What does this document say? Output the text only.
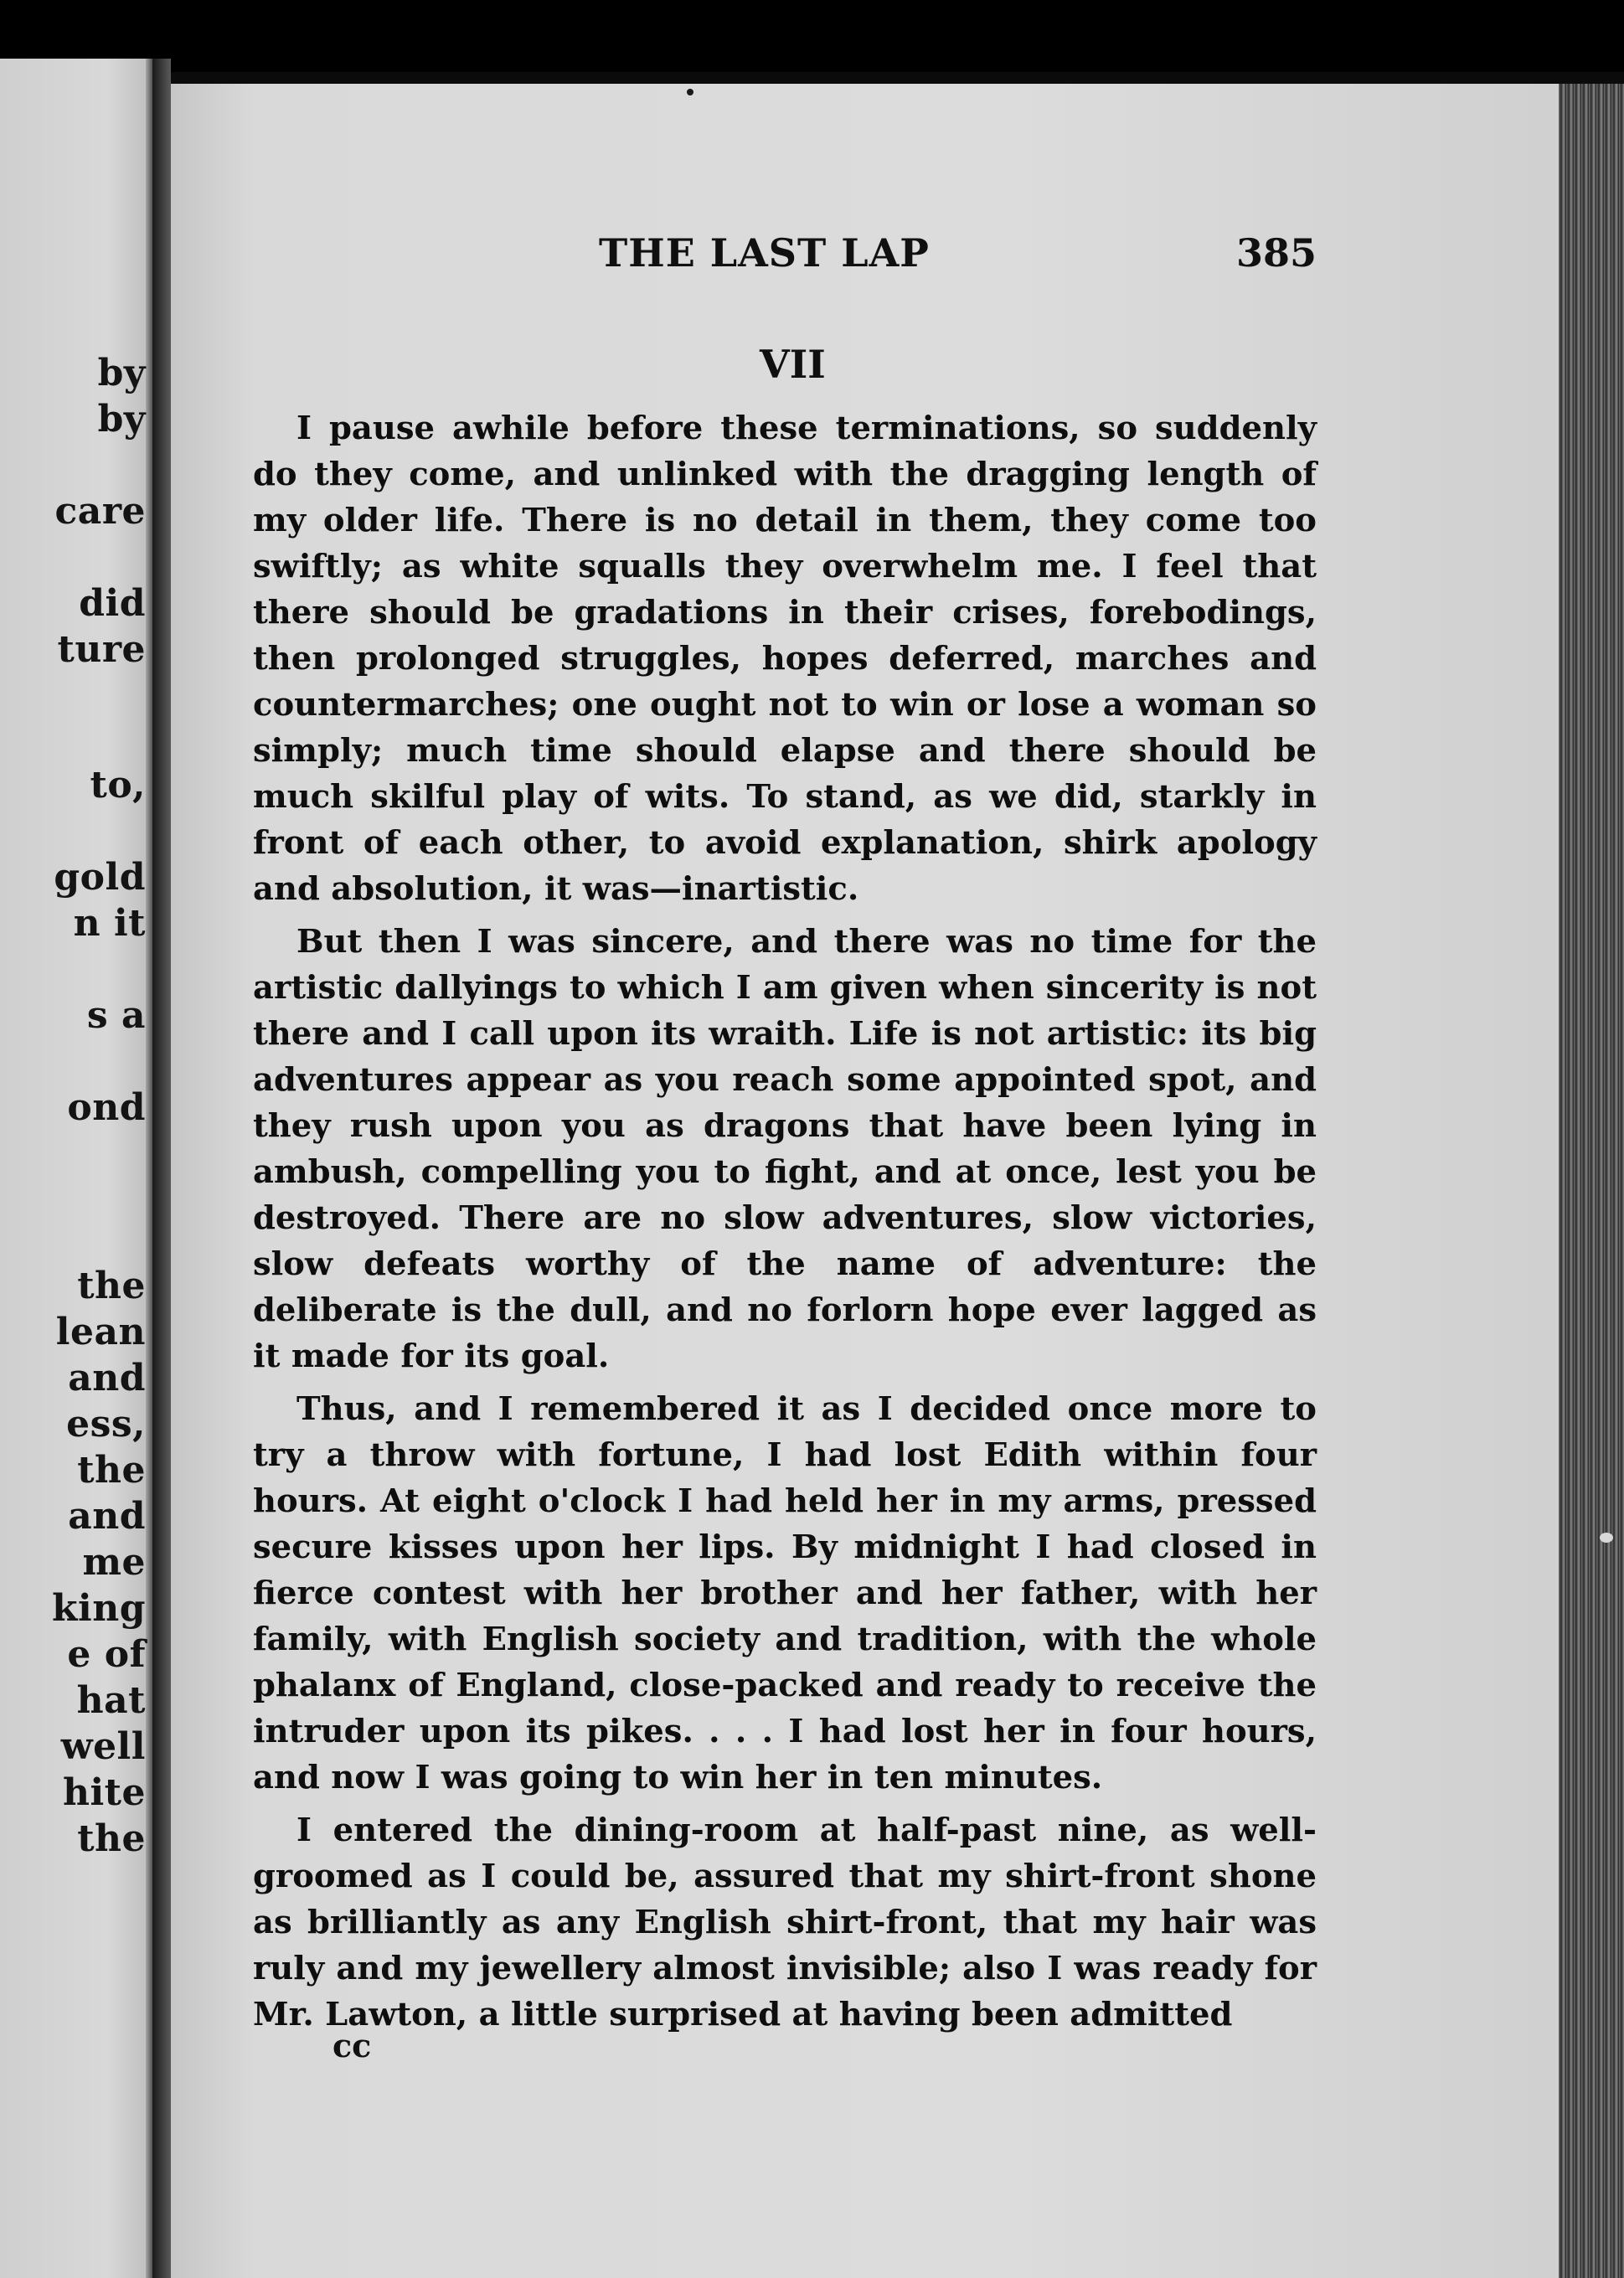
by

by

care

did

ture

to,

gold

n it

s a

ond

the

lean

and

ess,

the

and

me

king

e of

hat

well

hite

the

THE LAST LAP	385

VII

I pause awhile before these terminations, so suddenly do they come, and unlinked with the dragging length of my older life. There is no detail in them, they come too swiftly; as white squalls they overwhelm me. I feel that there should be gradations in their crises, forebodings, then prolonged struggles, hopes deferred, marches and countermarches; one ought not to win or lose a woman so simply; much time should elapse and there should be much skilful play of wits. To stand, as we did, starkly in front of each other, to avoid explanation, shirk apology and absolution, it was—inartistic.

But then I was sincere, and there was no time for the artistic dallyings to which I am given when sincerity is not there and I call upon its wraith. Life is not artistic: its big adventures appear as you reach some appointed spot, and they rush upon you as dragons that have been lying in ambush, compelling you to fight, and at once, lest you be destroyed. There are no slow adventures, slow victories, slow defeats worthy of the name of adventure: the deliberate is the dull, and no forlorn hope ever lagged as it made for its goal.

Thus, and I remembered it as I decided once more to try a throw with fortune, I had lost Edith within four hours. At eight o'clock I had held her in my arms, pressed secure kisses upon her lips. By midnight I had closed in fierce contest with her brother and her father, with her family, with English society and tradition, with the whole phalanx of England, close-packed and ready to receive the intruder upon its pikes. . . . I had lost her in four hours, and now I was going to win her in ten minutes.

I entered the dining-room at half-past nine, as well-groomed as I could be, assured that my shirt-front shone as brilliantly as any English shirt-front, that my hair was ruly and my jewellery almost invisible; also I was ready for Mr. Lawton, a little surprised at having been admitted

cc
